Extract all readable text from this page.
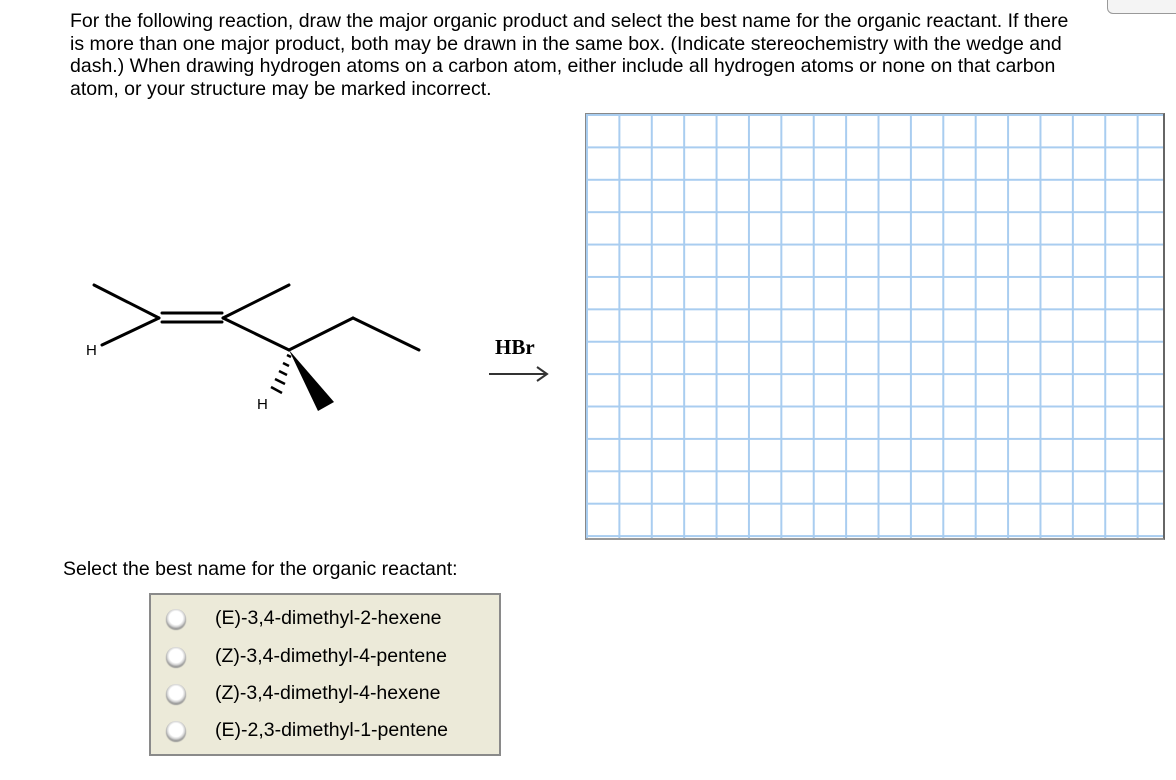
For the following reaction, draw the major organic product and select the best name for the organic reactant. If there is more than one major product, both may be drawn in the same box. (Indicate stereochemistry with the wedge and dash.) When drawing hydrogen atoms on a carbon atom, either include all hydrogen atoms or none on that carbon atom, or your structure may be marked incorrect.
H
H
HBr
Select the best name for the organic reactant:
(E)-3,4-dimethyl-2-hexene
(Z)-3,4-dimethyl-4-pentene
(Z)-3,4-dimethyl-4-hexene
(E)-2,3-dimethyl-1-pentene
